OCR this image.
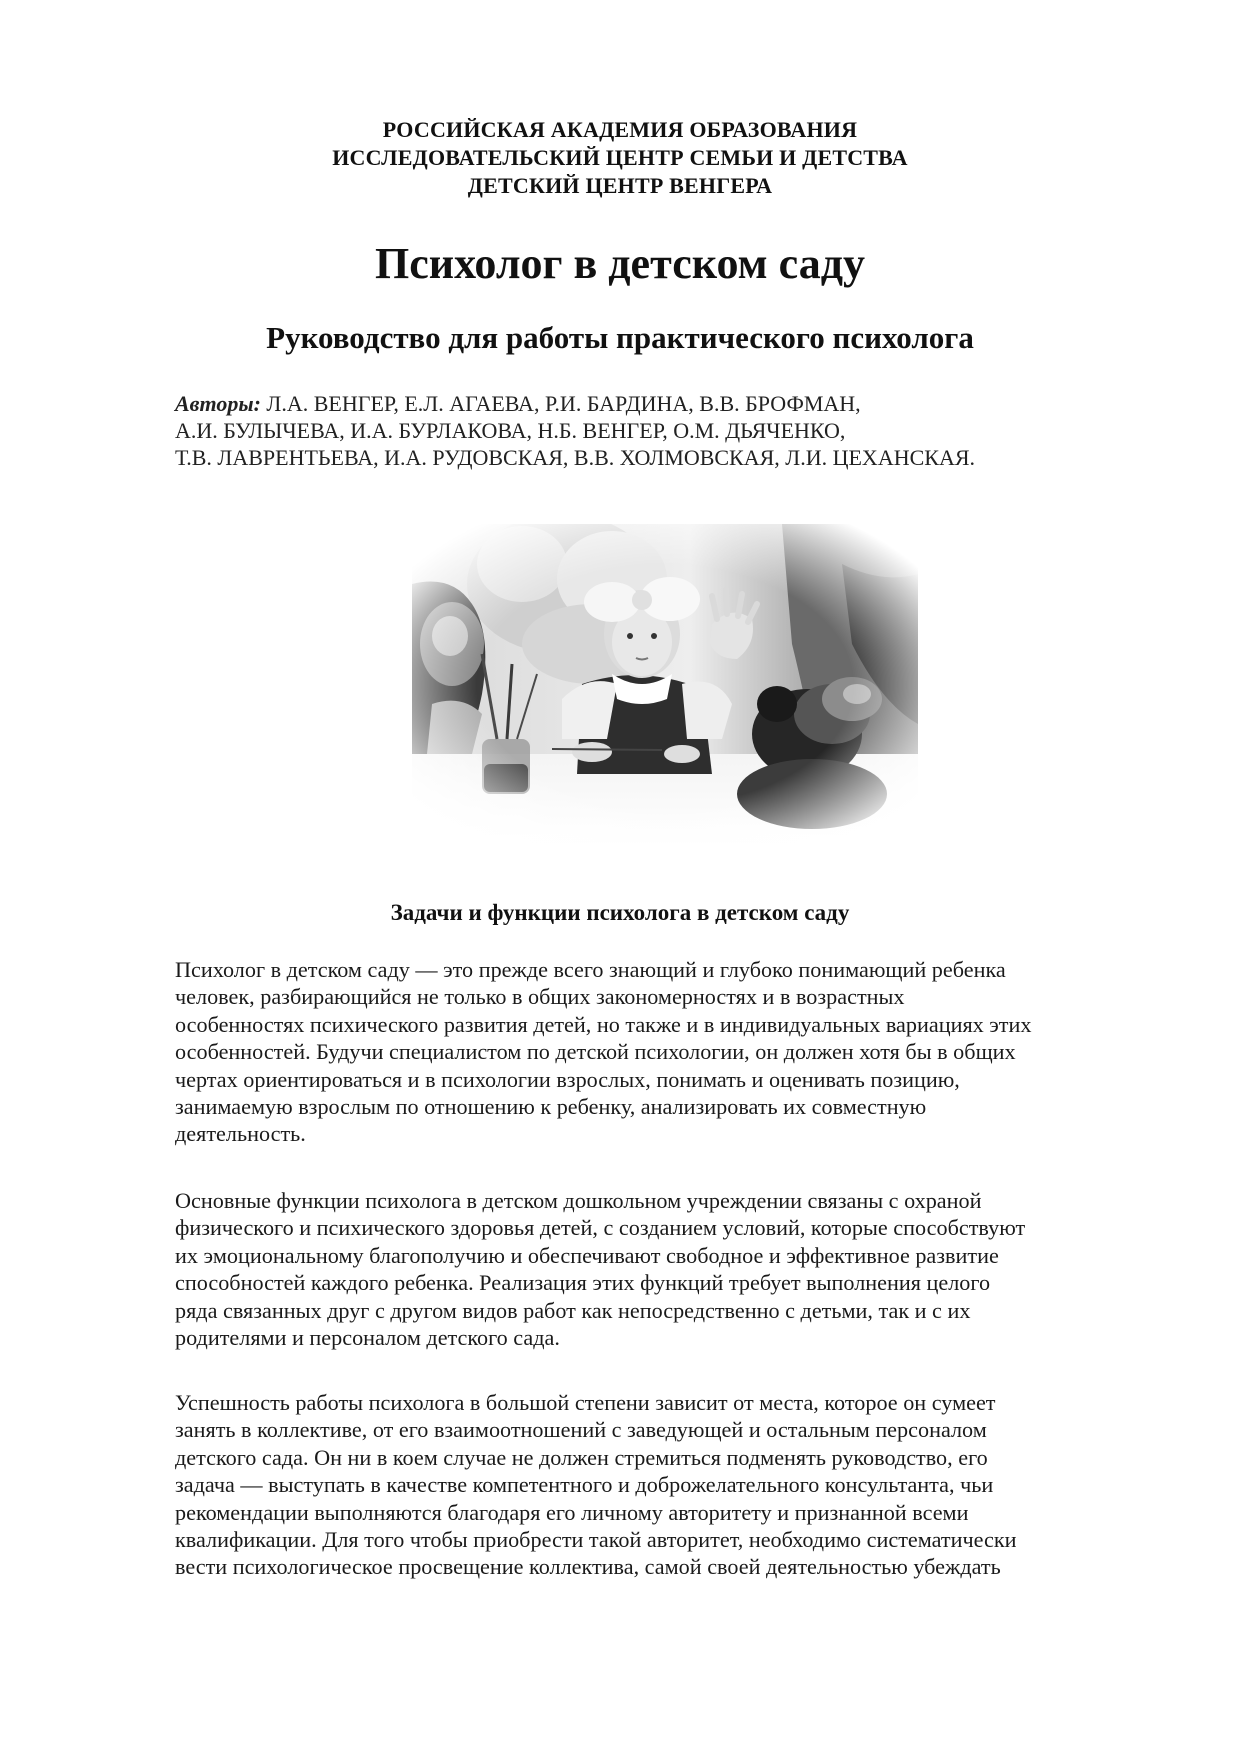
РОССИЙСКАЯ АКАДЕМИЯ ОБРАЗОВАНИЯ
ИССЛЕДОВАТЕЛЬСКИЙ ЦЕНТР СЕМЬИ И ДЕТСТВА
ДЕТСКИЙ ЦЕНТР ВЕНГЕРА
Психолог в детском саду
Руководство для работы практического психолога
Авторы: Л.А. ВЕНГЕР, Е.Л. АГАЕВА, Р.И. БАРДИНА, В.В. БРОФМАН,
А.И. БУЛЫЧЕВА, И.А. БУРЛАКОВА, Н.Б. ВЕНГЕР, О.М. ДЬЯЧЕНКО,
Т.В. ЛАВРЕНТЬЕВА, И.А. РУДОВСКАЯ, В.В. ХОЛМОВСКАЯ, Л.И. ЦЕХАНСКАЯ.
Задачи и функции психолога в детском саду
Психолог в детском саду — это прежде всего знающий и глубоко понимающий ребенка
человек, разбирающийся не только в общих закономерностях и в возрастных
особенностях психического развития детей, но также и в индивидуальных вариациях этих
особенностей. Будучи специалистом по детской психологии, он должен хотя бы в общих
чертах ориентироваться и в психологии взрослых, понимать и оценивать позицию,
занимаемую взрослым по отношению к ребенку, анализировать их совместную
деятельность.
Основные функции психолога в детском дошкольном учреждении связаны с охраной
физического и психического здоровья детей, с созданием условий, которые способствуют
их эмоциональному благополучию и обеспечивают свободное и эффективное развитие
способностей каждого ребенка. Реализация этих функций требует выполнения целого
ряда связанных друг с другом видов работ как непосредственно с детьми, так и с их
родителями и персоналом детского сада.
Успешность работы психолога в большой степени зависит от места, которое он сумеет
занять в коллективе, от его взаимоотношений с заведующей и остальным персоналом
детского сада. Он ни в коем случае не должен стремиться подменять руководство, его
задача — выступать в качестве компетентного и доброжелательного консультанта, чьи
рекомендации выполняются благодаря его личному авторитету и признанной всеми
квалификации. Для того чтобы приобрести такой авторитет, необходимо систематически
вести психологическое просвещение коллектива, самой своей деятельностью убеждать
